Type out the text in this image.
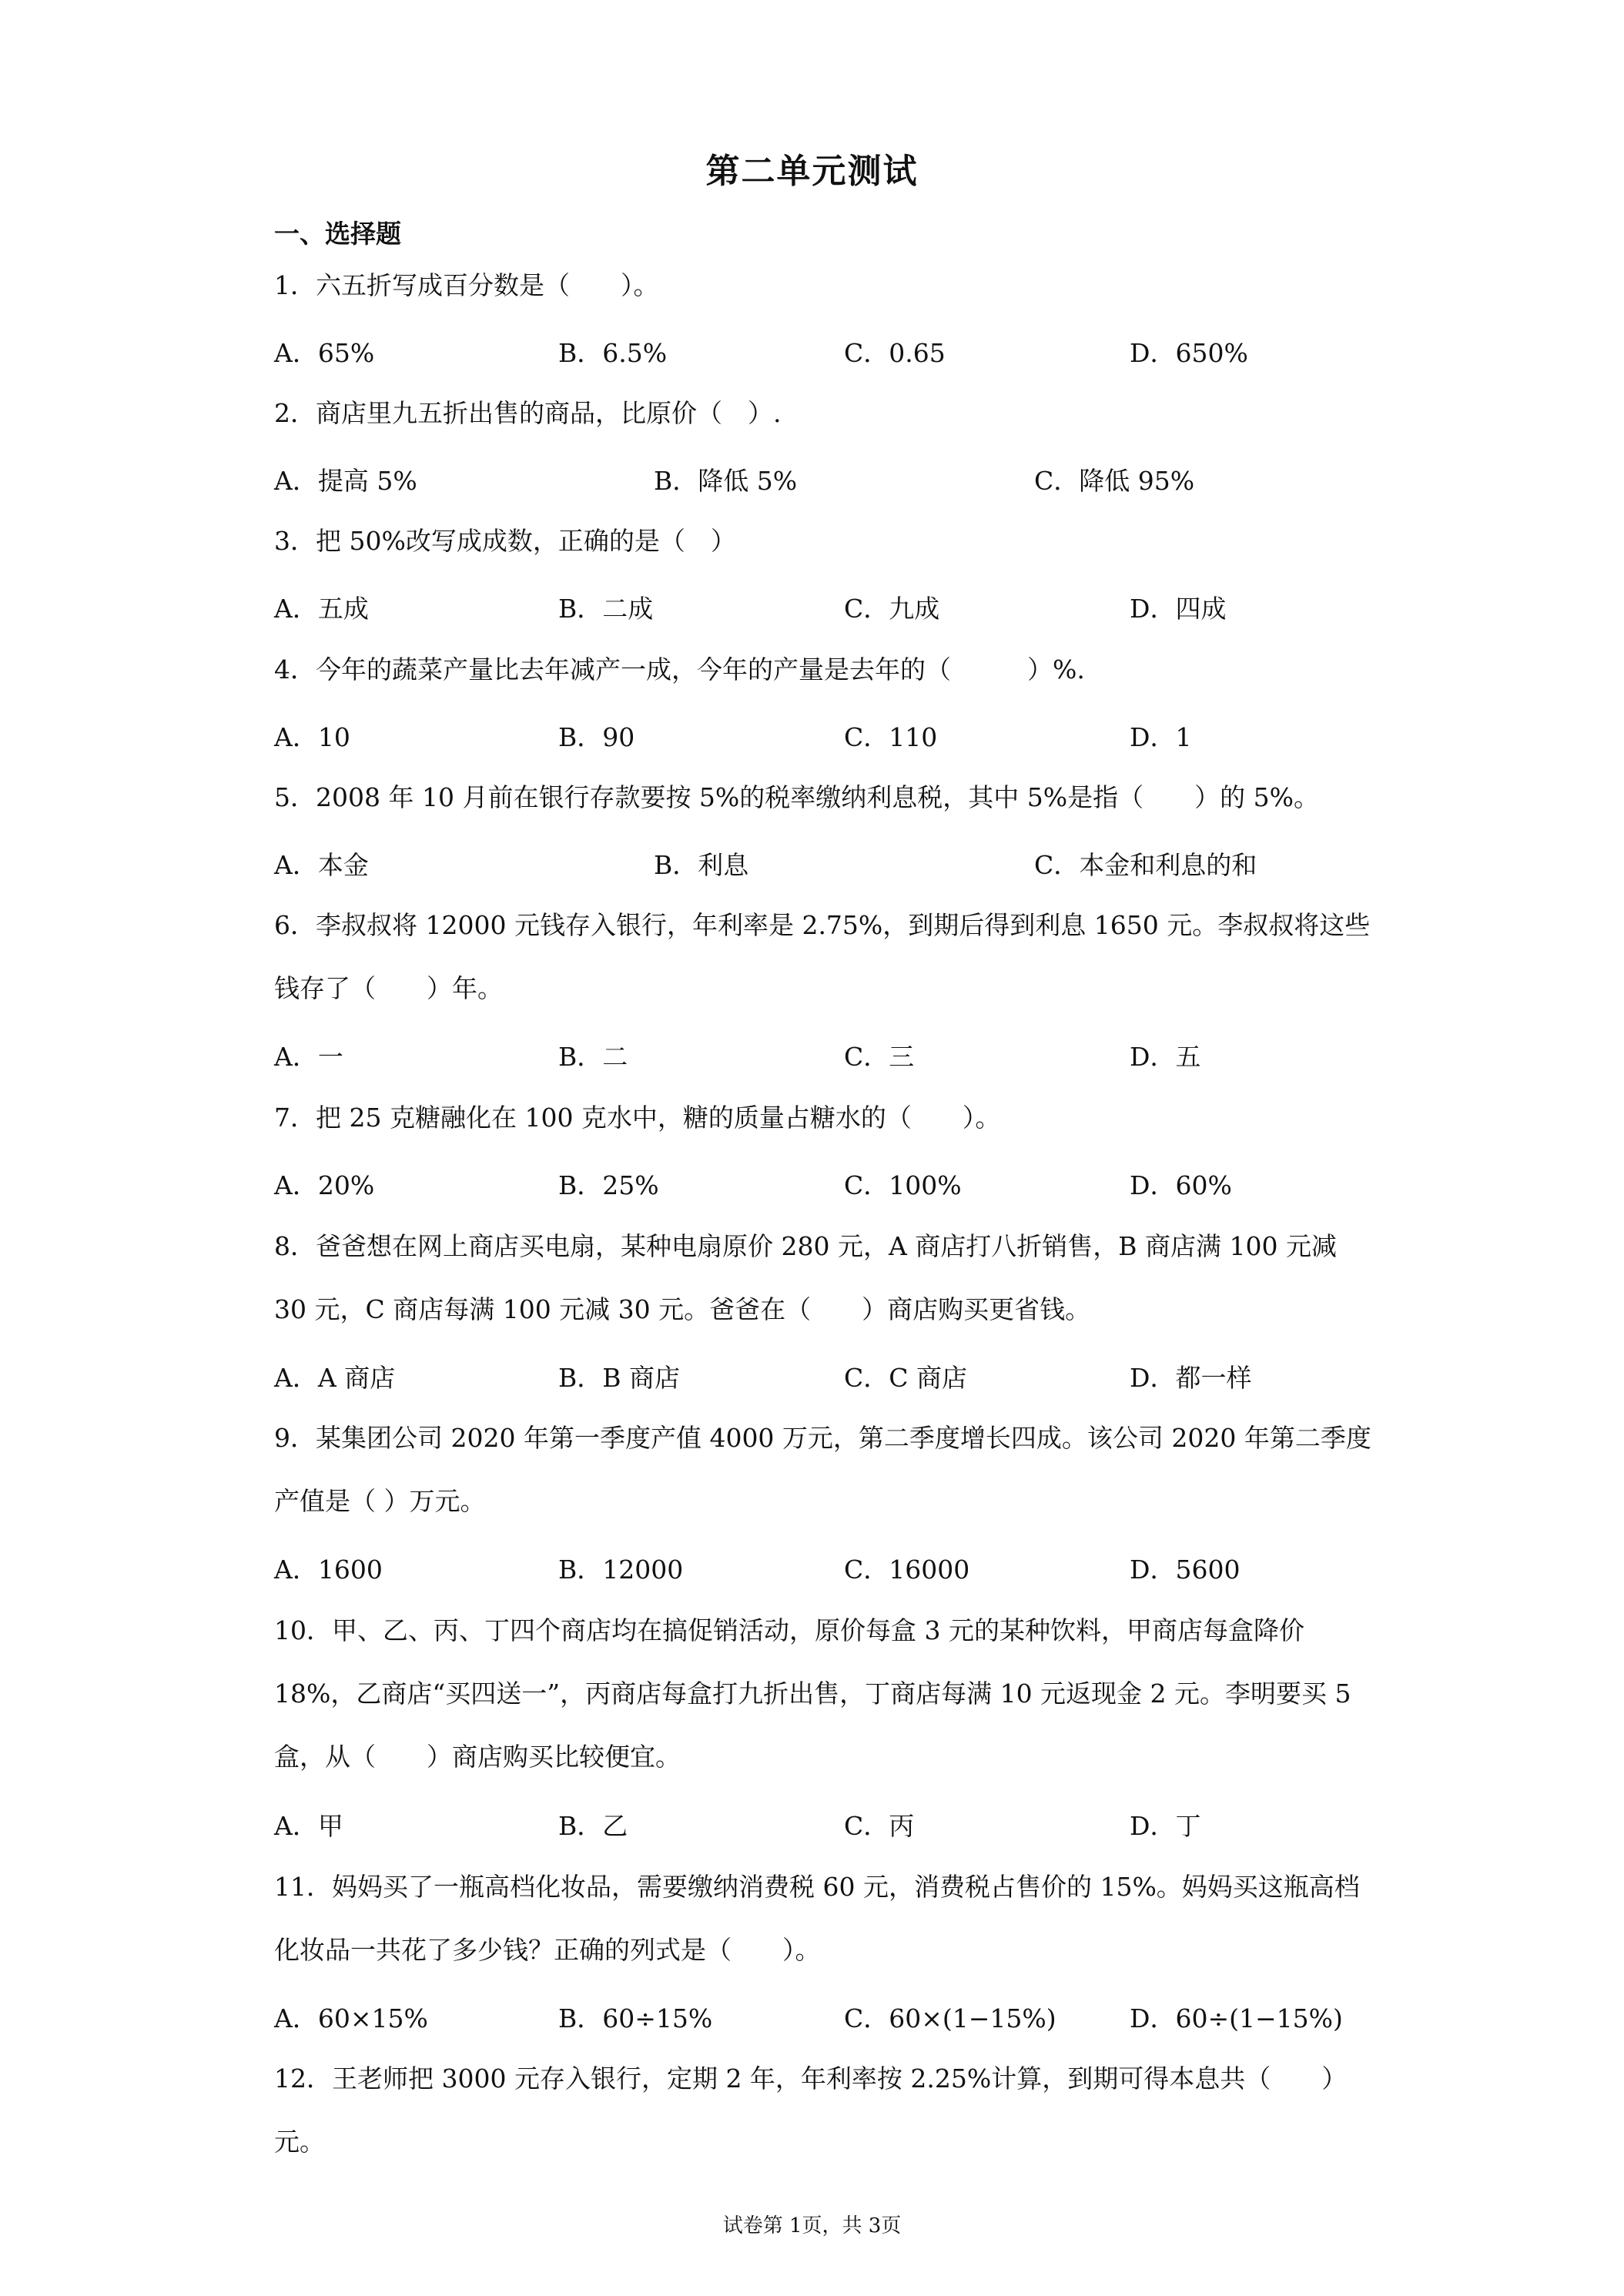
第二单元测试
一、选择题
1．六五折写成百分数是（　　）。
A．65%	B．6.5%	C．0.65	D．650%
2．商店里九五折出售的商品，比原价（　）.
A．提高 5%	B．降低 5%	C．降低 95%
3．把 50%改写成成数，正确的是（　）
A．五成	B．二成	C．九成	D．四成
4．今年的蔬菜产量比去年减产一成，今年的产量是去年的（　　　）%.
A．10	B．90	C．110	D．1
5．2008 年 10 月前在银行存款要按 5%的税率缴纳利息税，其中 5%是指（　　）的 5%。
A．本金	B．利息	C．本金和利息的和
6．李叔叔将 12000 元钱存入银行，年利率是 2.75%，到期后得到利息 1650 元。李叔叔将这些钱存了（　　）年。
A．一	B．二	C．三	D．五
7．把 25 克糖融化在 100 克水中，糖的质量占糖水的（　　）。
A．20%	B．25%	C．100%	D．60%
8．爸爸想在网上商店买电扇，某种电扇原价 280 元，A 商店打八折销售，B 商店满 100 元减 30 元，C 商店每满 100 元减 30 元。爸爸在（　　）商店购买更省钱。
A．A 商店	B．B 商店	C．C 商店	D．都一样
9．某集团公司 2020 年第一季度产值 4000 万元，第二季度增长四成。该公司 2020 年第二季度产值是（ ）万元。
A．1600	B．12000	C．16000	D．5600
10．甲、乙、丙、丁四个商店均在搞促销活动，原价每盒 3 元的某种饮料，甲商店每盒降价 18%，乙商店“买四送一”，丙商店每盒打九折出售，丁商店每满 10 元返现金 2 元。李明要买 5 盒，从（　　）商店购买比较便宜。
A．甲	B．乙	C．丙	D．丁
11．妈妈买了一瓶高档化妆品，需要缴纳消费税 60 元，消费税占售价的 15%。妈妈买这瓶高档化妆品一共花了多少钱？正确的列式是（　　）。
A．60×15%	B．60÷15%	C．60×(1−15%)	D．60÷(1−15%)
12．王老师把 3000 元存入银行，定期 2 年，年利率按 2.25%计算，到期可得本息共（　　）元。
试卷第 1页，共 3页
